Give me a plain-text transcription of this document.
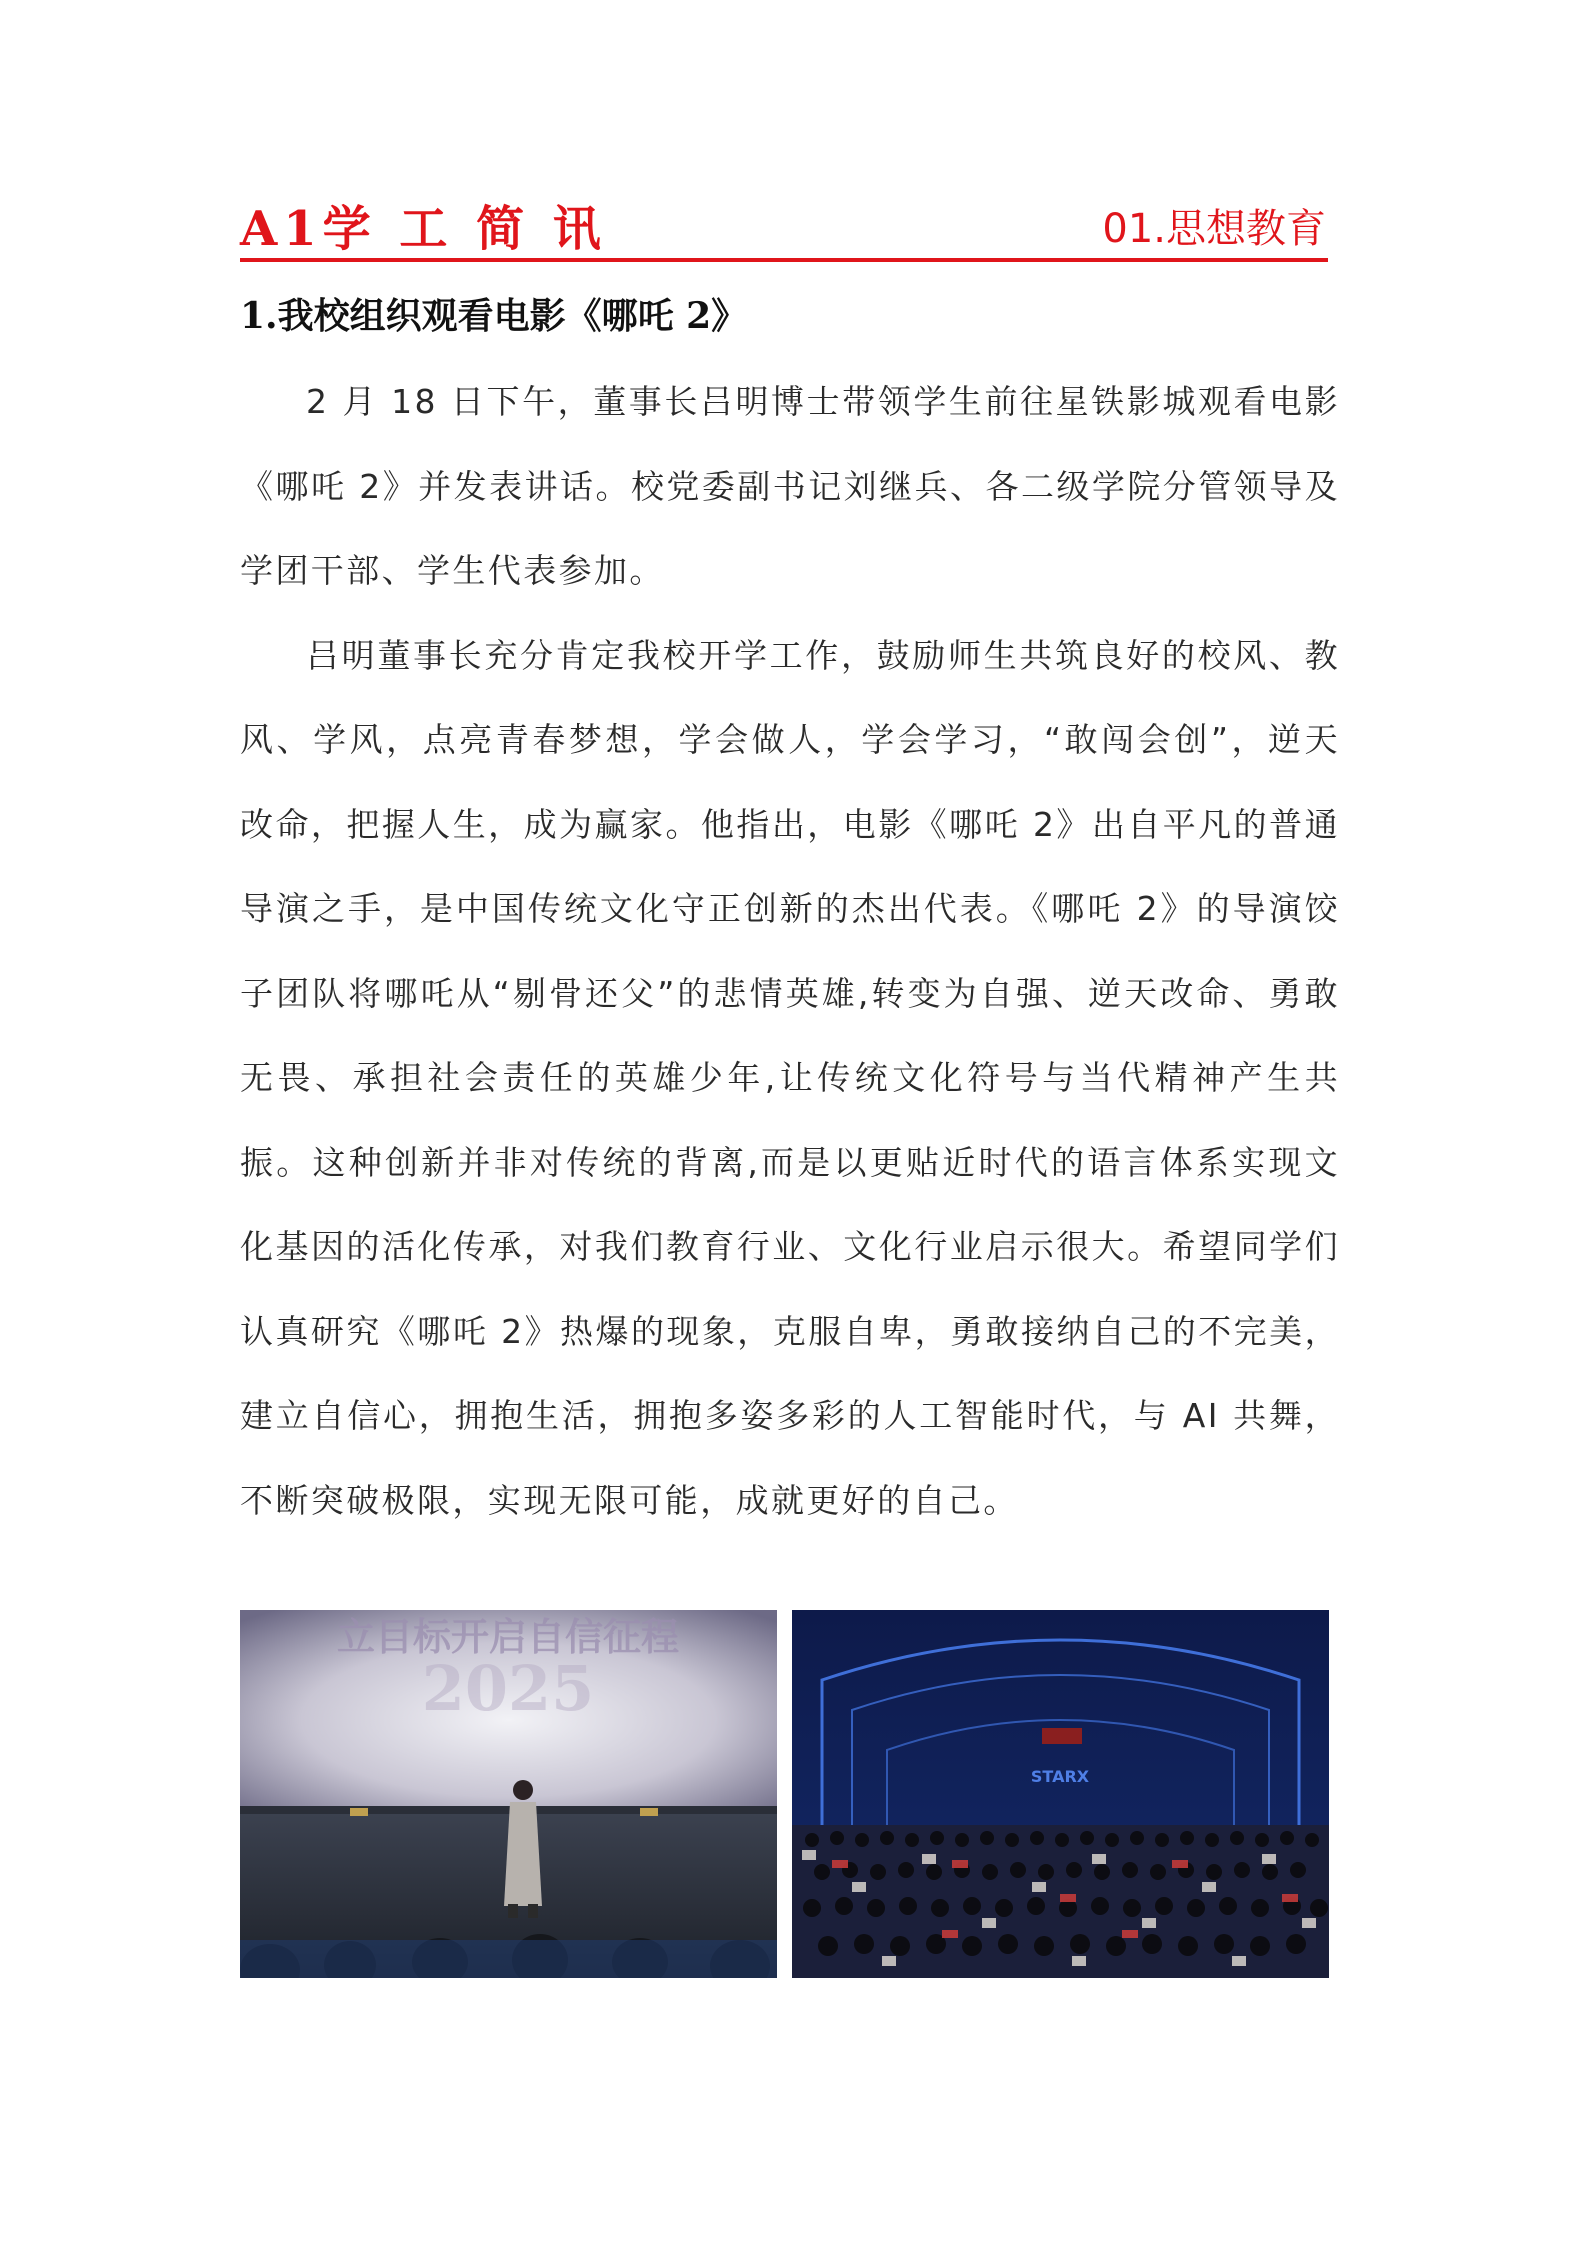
A1学 工 简 讯	01.思想教育
1.我校组织观看电影《哪吒 2》

2 月 18 日下午，董事长吕明博士带领学生前往星铁影城观看电影《哪吒 2》并发表讲话。校党委副书记刘继兵、各二级学院分管领导及学团干部、学生代表参加。

吕明董事长充分肯定我校开学工作，鼓励师生共筑良好的校风、教风、学风，点亮青春梦想，学会做人，学会学习，“敢闯会创”，逆天改命，把握人生，成为赢家。他指出，电影《哪吒 2》出自平凡的普通导演之手，是中国传统文化守正创新的杰出代表。《哪吒 2》的导演饺子团队将哪吒从“剔骨还父”的悲情英雄,转变为自强、逆天改命、勇敢无畏、承担社会责任的英雄少年,让传统文化符号与当代精神产生共振。这种创新并非对传统的背离,而是以更贴近时代的语言体系实现文化基因的活化传承，对我们教育行业、文化行业启示很大。希望同学们认真研究《哪吒 2》热爆的现象，克服自卑，勇敢接纳自己的不完美，建立自信心，拥抱生活，拥抱多姿多彩的人工智能时代，与 AI 共舞，不断突破极限，实现无限可能，成就更好的自己。

立目标开启自信征程
2025
STARX
